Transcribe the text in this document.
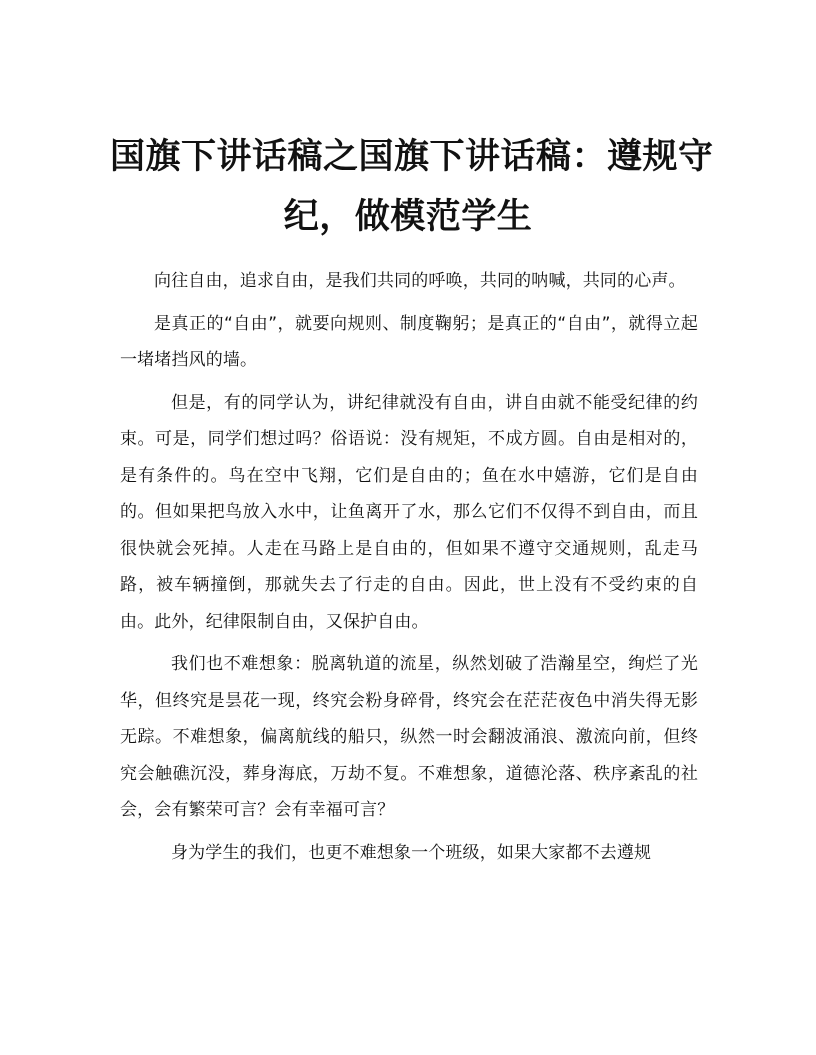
国旗下讲话稿之国旗下讲话稿：遵规守
纪，做模范学生

向往自由，追求自由，是我们共同的呼唤，共同的呐喊，共同的心声。

是真正的“自由”，就要向规则、制度鞠躬；是真正的“自由”，就得立起一堵堵挡风的墙。

但是，有的同学认为，讲纪律就没有自由，讲自由就不能受纪律的约束。可是，同学们想过吗？俗语说：没有规矩，不成方圆。自由是相对的，是有条件的。鸟在空中飞翔，它们是自由的；鱼在水中嬉游，它们是自由的。但如果把鸟放入水中，让鱼离开了水，那么它们不仅得不到自由，而且很快就会死掉。人走在马路上是自由的，但如果不遵守交通规则，乱走马路，被车辆撞倒，那就失去了行走的自由。因此，世上没有不受约束的自由。此外，纪律限制自由，又保护自由。

我们也不难想象：脱离轨道的流星，纵然划破了浩瀚星空，绚烂了光华，但终究是昙花一现，终究会粉身碎骨，终究会在茫茫夜色中消失得无影无踪。不难想象，偏离航线的船只，纵然一时会翻波涌浪、激流向前，但终究会触礁沉没，葬身海底，万劫不复。不难想象，道德沦落、秩序紊乱的社会，会有繁荣可言？会有幸福可言？

身为学生的我们，也更不难想象一个班级，如果大家都不去遵规
